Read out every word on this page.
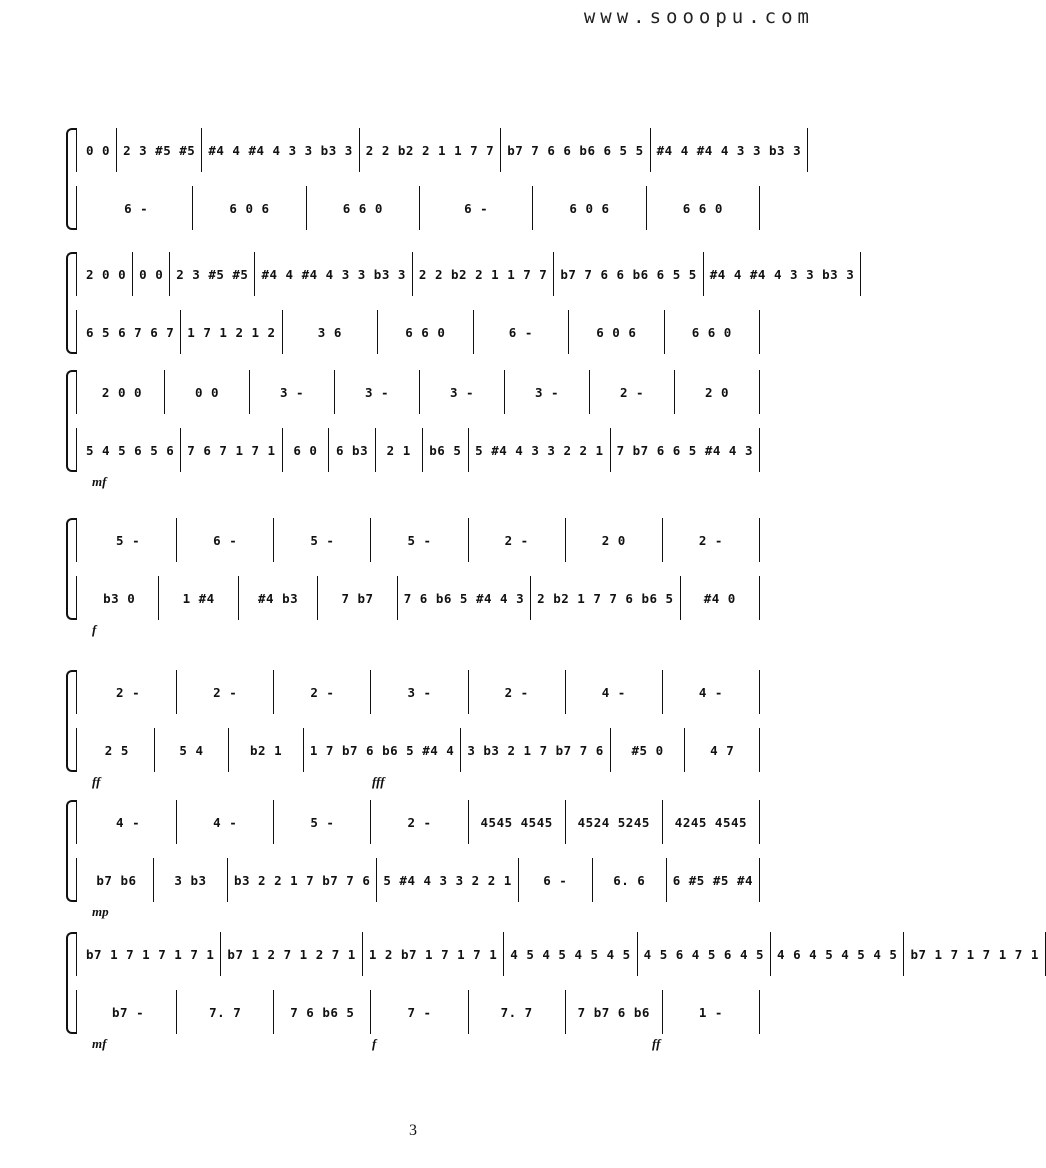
www.sooopu.com
0 0	2 3 #5 #5	#4 4 #4 4 3 3 b3 3	2 2 b2 2 1 1 7 7	b7 7 6 6 b6 6 5 5	#4 4 #4 4 3 3 b3 3
6 -	6 0 6	6 6 0	6 -	6 0 6	6 6 0
2 0 0	0 0	2 3 #5 #5	#4 4 #4 4 3 3 b3 3	2 2 b2 2 1 1 7 7	b7 7 6 6 b6 6 5 5	#4 4 #4 4 3 3 b3 3
6 5 6 7 6 7	1 7 1 2 1 2	3 6	6 6 0	6 -	6 0 6	6 6 0
2 0 0	0 0	3 -	3 -	3 -	3 -	2 -	2 0
5 4 5 6 5 6	7 6 7 1 7 1	6 0	6 b3	2 1	b6 5	5 #4 4 3 3 2 2 1	7 b7 6 6 5 #4 4 3
mf
5 -	6 -	5 -	5 -	2 -	2 0	2 -
b3 0	1 #4	#4 b3	7 b7	7 6 b6 5 #4 4 3	2 b2 1 7 7 6 b6 5	#4 0
f
2 -	2 -	2 -	3 -	2 -	4 -	4 -
2 5	5 4	b2 1	1 7 b7 6 b6 5 #4 4	3 b3 2 1 7 b7 7 6	#5 0	4 7
ff	fff
4 -	4 -	5 -	2 -	4545 4545	4524 5245	4245 4545
b7 b6	3 b3	b3 2 2 1 7 b7 7 6	5 #4 4 3 3 2 2 1	6 -	6. 6	6 #5 #5 #4
mp
b7 1 7 1 7 1 7 1	b7 1 2 7 1 2 7 1	1 2 b7 1 7 1 7 1	4 5 4 5 4 5 4 5	4 5 6 4 5 6 4 5	4 6 4 5 4 5 4 5	b7 1 7 1 7 1 7 1
b7 -	7. 7	7 6 b6 5	7 -	7. 7	7 b7 6 b6	1 -
mf	f	ff
3
